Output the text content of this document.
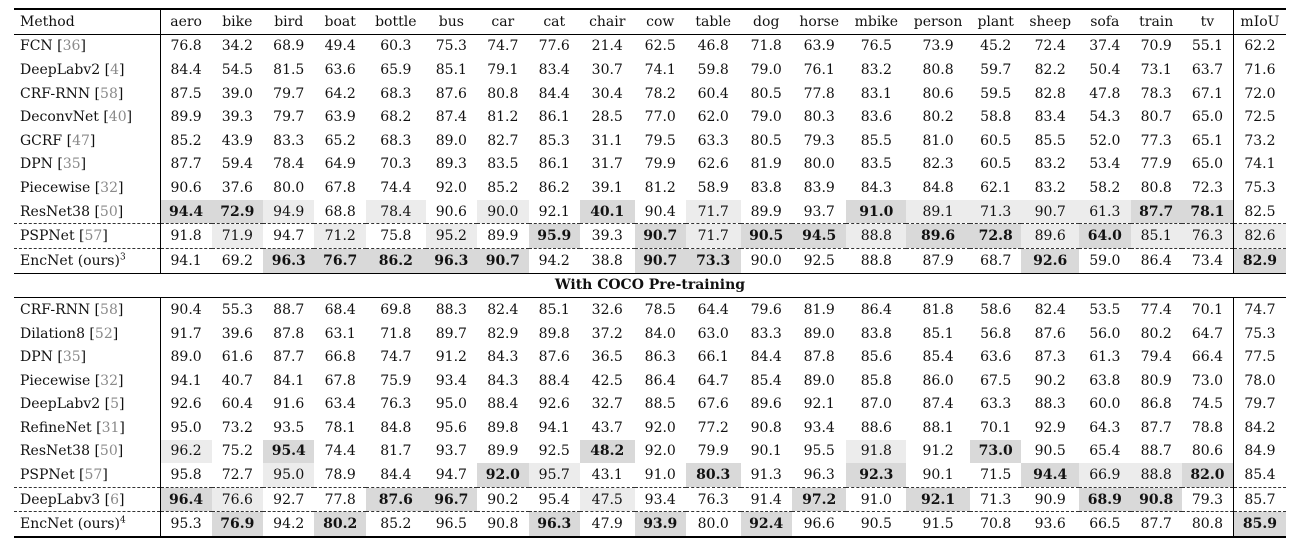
Method	aero	bike	bird	boat	bottle	bus	car	cat	chair	cow	table	dog	horse	mbike	person	plant	sheep	sofa	train	tv	mIoU
FCN [36]	76.8	34.2	68.9	49.4	60.3	75.3	74.7	77.6	21.4	62.5	46.8	71.8	63.9	76.5	73.9	45.2	72.4	37.4	70.9	55.1	62.2
DeepLabv2 [4]	84.4	54.5	81.5	63.6	65.9	85.1	79.1	83.4	30.7	74.1	59.8	79.0	76.1	83.2	80.8	59.7	82.2	50.4	73.1	63.7	71.6
CRF-RNN [58]	87.5	39.0	79.7	64.2	68.3	87.6	80.8	84.4	30.4	78.2	60.4	80.5	77.8	83.1	80.6	59.5	82.8	47.8	78.3	67.1	72.0
DeconvNet [40]	89.9	39.3	79.7	63.9	68.2	87.4	81.2	86.1	28.5	77.0	62.0	79.0	80.3	83.6	80.2	58.8	83.4	54.3	80.7	65.0	72.5
GCRF [47]	85.2	43.9	83.3	65.2	68.3	89.0	82.7	85.3	31.1	79.5	63.3	80.5	79.3	85.5	81.0	60.5	85.5	52.0	77.3	65.1	73.2
DPN [35]	87.7	59.4	78.4	64.9	70.3	89.3	83.5	86.1	31.7	79.9	62.6	81.9	80.0	83.5	82.3	60.5	83.2	53.4	77.9	65.0	74.1
Piecewise [32]	90.6	37.6	80.0	67.8	74.4	92.0	85.2	86.2	39.1	81.2	58.9	83.8	83.9	84.3	84.8	62.1	83.2	58.2	80.8	72.3	75.3
ResNet38 [50]	94.4	72.9	94.9	68.8	78.4	90.6	90.0	92.1	40.1	90.4	71.7	89.9	93.7	91.0	89.1	71.3	90.7	61.3	87.7	78.1	82.5
PSPNet [57]	91.8	71.9	94.7	71.2	75.8	95.2	89.9	95.9	39.3	90.7	71.7	90.5	94.5	88.8	89.6	72.8	89.6	64.0	85.1	76.3	82.6
EncNet (ours)$^3$	94.1	69.2	96.3	76.7	86.2	96.3	90.7	94.2	38.8	90.7	73.3	90.0	92.5	88.8	87.9	68.7	92.6	59.0	86.4	73.4	82.9
With COCO Pre-training																					
CRF-RNN [58]	90.4	55.3	88.7	68.4	69.8	88.3	82.4	85.1	32.6	78.5	64.4	79.6	81.9	86.4	81.8	58.6	82.4	53.5	77.4	70.1	74.7
Dilation8 [52]	91.7	39.6	87.8	63.1	71.8	89.7	82.9	89.8	37.2	84.0	63.0	83.3	89.0	83.8	85.1	56.8	87.6	56.0	80.2	64.7	75.3
DPN [35]	89.0	61.6	87.7	66.8	74.7	91.2	84.3	87.6	36.5	86.3	66.1	84.4	87.8	85.6	85.4	63.6	87.3	61.3	79.4	66.4	77.5
Piecewise [32]	94.1	40.7	84.1	67.8	75.9	93.4	84.3	88.4	42.5	86.4	64.7	85.4	89.0	85.8	86.0	67.5	90.2	63.8	80.9	73.0	78.0
DeepLabv2 [5]	92.6	60.4	91.6	63.4	76.3	95.0	88.4	92.6	32.7	88.5	67.6	89.6	92.1	87.0	87.4	63.3	88.3	60.0	86.8	74.5	79.7
RefineNet [31]	95.0	73.2	93.5	78.1	84.8	95.6	89.8	94.1	43.7	92.0	77.2	90.8	93.4	88.6	88.1	70.1	92.9	64.3	87.7	78.8	84.2
ResNet38 [50]	96.2	75.2	95.4	74.4	81.7	93.7	89.9	92.5	48.2	92.0	79.9	90.1	95.5	91.8	91.2	73.0	90.5	65.4	88.7	80.6	84.9
PSPNet [57]	95.8	72.7	95.0	78.9	84.4	94.7	92.0	95.7	43.1	91.0	80.3	91.3	96.3	92.3	90.1	71.5	94.4	66.9	88.8	82.0	85.4
DeepLabv3 [6]	96.4	76.6	92.7	77.8	87.6	96.7	90.2	95.4	47.5	93.4	76.3	91.4	97.2	91.0	92.1	71.3	90.9	68.9	90.8	79.3	85.7
EncNet (ours)$^4$	95.3	76.9	94.2	80.2	85.2	96.5	90.8	96.3	47.9	93.9	80.0	92.4	96.6	90.5	91.5	70.8	93.6	66.5	87.7	80.8	85.9
